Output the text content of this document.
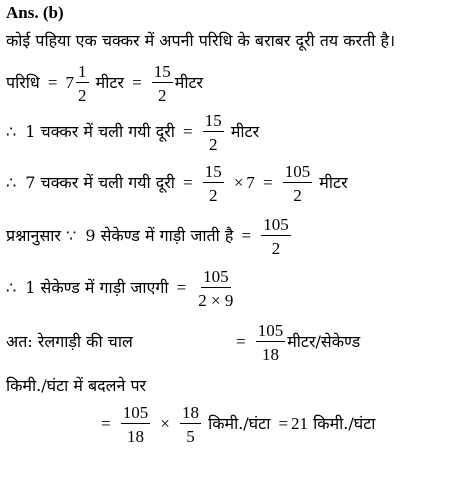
Ans. (b)
कोई पहिया एक चक्कर में अपनी परिधि के बराबर दूरी तय करती है।
परिधि = $7 \frac{1}{2}$ मीटर = $\frac{15}{2}$ मीटर
∴ 1 चक्कर में चली गयी दूरी = $\frac{15}{2}$ मीटर
∴ 7 चक्कर में चली गयी दूरी = $\frac{15}{2} \times 7 = \frac{105}{2}$ मीटर
प्रश्नानुसार ∵ 9 सेकेण्ड में गाड़ी जाती है = $\frac{105}{2}$
∴ 1 सेकेण्ड में गाड़ी जाएगी = $\frac{105}{2 \times 9}$
अत: रेलगाड़ी की चाल	= $\frac{105}{18}$ मीटर/सेकेण्ड
किमी./घंटा में बदलने पर
= $\frac{105}{18} \times \frac{18}{5}$ किमी./घंटा = 21 किमी./घंटा
